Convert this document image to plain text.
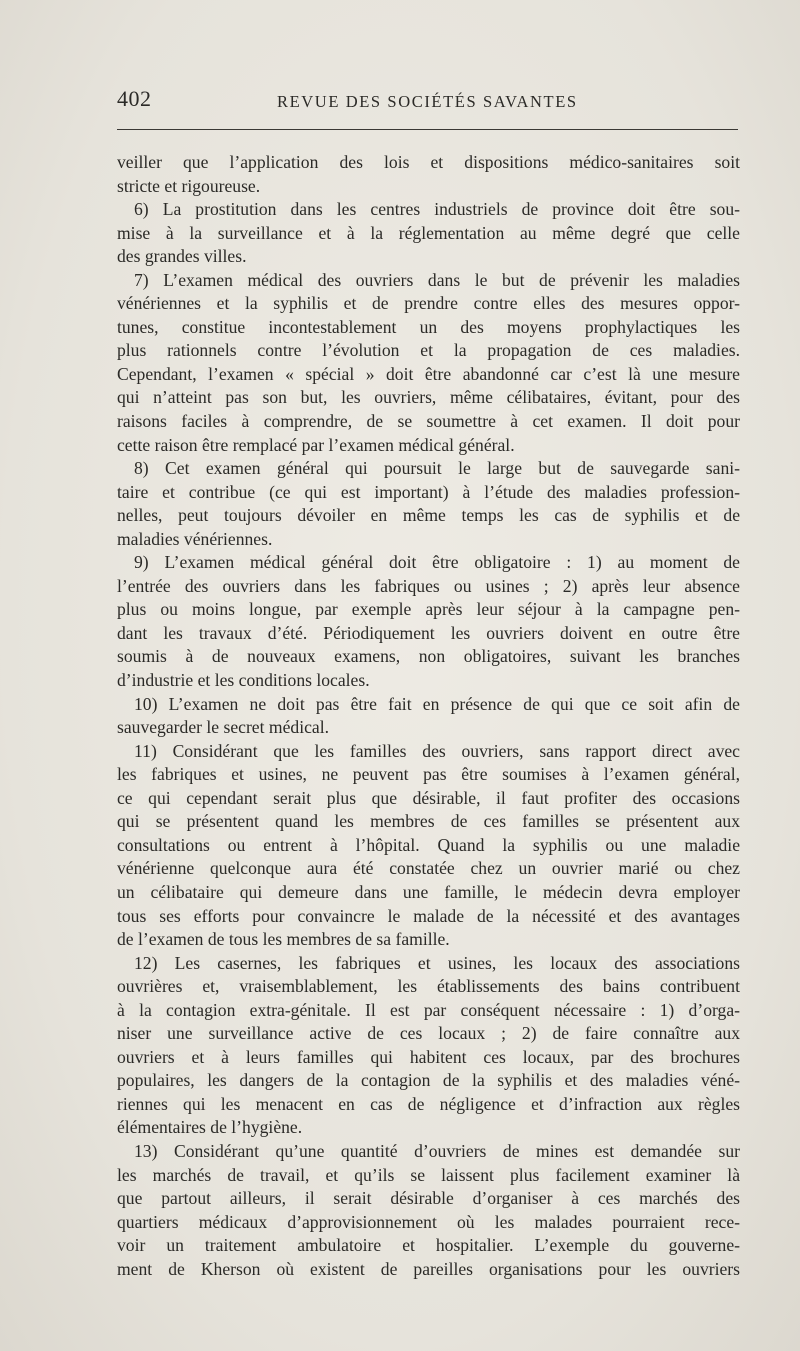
402	REVUE DES SOCIÉTÉS SAVANTES
veiller que l’application des lois et dispositions médico-sanitaires soit
stricte et rigoureuse.
6) La prostitution dans les centres industriels de province doit être sou-
mise à la surveillance et à la réglementation au même degré que celle
des grandes villes.
7) L’examen médical des ouvriers dans le but de prévenir les maladies
vénériennes et la syphilis et de prendre contre elles des mesures oppor-
tunes, constitue incontestablement un des moyens prophylactiques les
plus rationnels contre l’évolution et la propagation de ces maladies.
Cependant, l’examen « spécial » doit être abandonné car c’est là une mesure
qui n’atteint pas son but, les ouvriers, même célibataires, évitant, pour des
raisons faciles à comprendre, de se soumettre à cet examen. Il doit pour
cette raison être remplacé par l’examen médical général.
8) Cet examen général qui poursuit le large but de sauvegarde sani-
taire et contribue (ce qui est important) à l’étude des maladies profession-
nelles, peut toujours dévoiler en même temps les cas de syphilis et de
maladies vénériennes.
9) L’examen médical général doit être obligatoire : 1) au moment de
l’entrée des ouvriers dans les fabriques ou usines ; 2) après leur absence
plus ou moins longue, par exemple après leur séjour à la campagne pen-
dant les travaux d’été. Périodiquement les ouvriers doivent en outre être
soumis à de nouveaux examens, non obligatoires, suivant les branches
d’industrie et les conditions locales.
10) L’examen ne doit pas être fait en présence de qui que ce soit afin de
sauvegarder le secret médical.
11) Considérant que les familles des ouvriers, sans rapport direct avec
les fabriques et usines, ne peuvent pas être soumises à l’examen général,
ce qui cependant serait plus que désirable, il faut profiter des occasions
qui se présentent quand les membres de ces familles se présentent aux
consultations ou entrent à l’hôpital. Quand la syphilis ou une maladie
vénérienne quelconque aura été constatée chez un ouvrier marié ou chez
un célibataire qui demeure dans une famille, le médecin devra employer
tous ses efforts pour convaincre le malade de la nécessité et des avantages
de l’examen de tous les membres de sa famille.
12) Les casernes, les fabriques et usines, les locaux des associations
ouvrières et, vraisemblablement, les établissements des bains contribuent
à la contagion extra-génitale. Il est par conséquent nécessaire : 1) d’orga-
niser une surveillance active de ces locaux ; 2) de faire connaître aux
ouvriers et à leurs familles qui habitent ces locaux, par des brochures
populaires, les dangers de la contagion de la syphilis et des maladies véné-
riennes qui les menacent en cas de négligence et d’infraction aux règles
élémentaires de l’hygiène.
13) Considérant qu’une quantité d’ouvriers de mines est demandée sur
les marchés de travail, et qu’ils se laissent plus facilement examiner là
que partout ailleurs, il serait désirable d’organiser à ces marchés des
quartiers médicaux d’approvisionnement où les malades pourraient rece-
voir un traitement ambulatoire et hospitalier. L’exemple du gouverne-
ment de Kherson où existent de pareilles organisations pour les ouvriers
